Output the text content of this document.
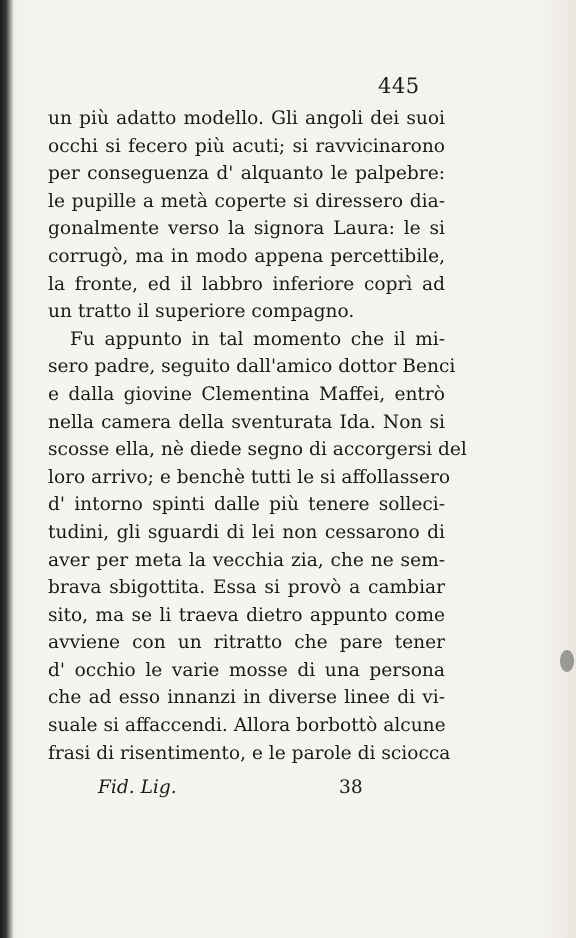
445
un più adatto modello. Gli angoli dei suoi
occhi si fecero più acuti; si ravvicinarono
per conseguenza d' alquanto le palpebre:
le pupille a metà coperte si diressero dia-
gonalmente verso la signora Laura: le si
corrugò, ma in modo appena percettibile,
la fronte, ed il labbro inferiore coprì ad
un tratto il superiore compagno.
Fu appunto in tal momento che il mi-
sero padre, seguito dall'amico dottor Benci
e dalla giovine Clementina Maffei, entrò
nella camera della sventurata Ida. Non si
scosse ella, nè diede segno di accorgersi del
loro arrivo; e benchè tutti le si affollassero
d' intorno spinti dalle più tenere solleci-
tudini, gli sguardi di lei non cessarono di
aver per meta la vecchia zia, che ne sem-
brava sbigottita. Essa si provò a cambiar
sito, ma se li traeva dietro appunto come
avviene con un ritratto che pare tener
d' occhio le varie mosse di una persona
che ad esso innanzi in diverse linee di vi-
suale si affaccendi. Allora borbottò alcune
frasi di risentimento, e le parole di sciocca
Fid. Lig.	38
